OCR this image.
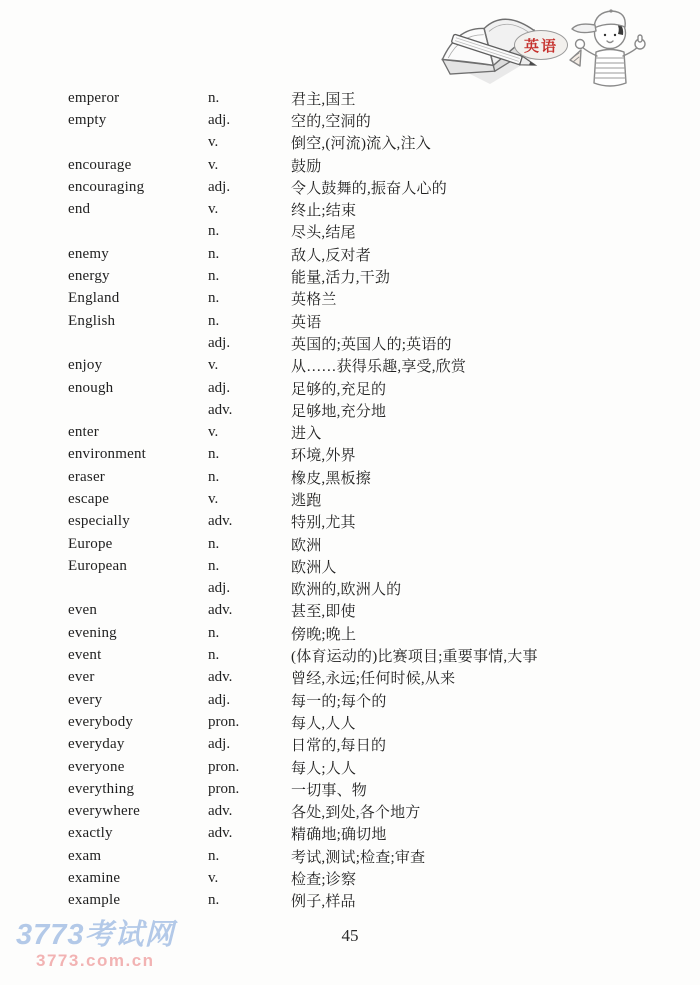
英语
emperor	n.	君主,国王
empty	adj.	空的,空洞的
v.	倒空,(河流)流入,注入
encourage	v.	鼓励
encouraging	adj.	令人鼓舞的,振奋人心的
end	v.	终止;结束
n.	尽头,结尾
enemy	n.	敌人,反对者
energy	n.	能量,活力,干劲
England	n.	英格兰
English	n.	英语
adj.	英国的;英国人的;英语的
enjoy	v.	从……获得乐趣,享受,欣赏
enough	adj.	足够的,充足的
adv.	足够地,充分地
enter	v.	进入
environment	n.	环境,外界
eraser	n.	橡皮,黑板擦
escape	v.	逃跑
especially	adv.	特别,尤其
Europe	n.	欧洲
European	n.	欧洲人
adj.	欧洲的,欧洲人的
even	adv.	甚至,即使
evening	n.	傍晚;晚上
event	n.	(体育运动的)比赛项目;重要事情,大事
ever	adv.	曾经,永远;任何时候,从来
every	adj.	每一的;每个的
everybody	pron.	每人,人人
everyday	adj.	日常的,每日的
everyone	pron.	每人;人人
everything	pron.	一切事、物
everywhere	adv.	各处,到处,各个地方
exactly	adv.	精确地;确切地
exam	n.	考试,测试;检查;审查
examine	v.	检查;诊察
example	n.	例子,样品
45
3773考试网
3773.com.cn
